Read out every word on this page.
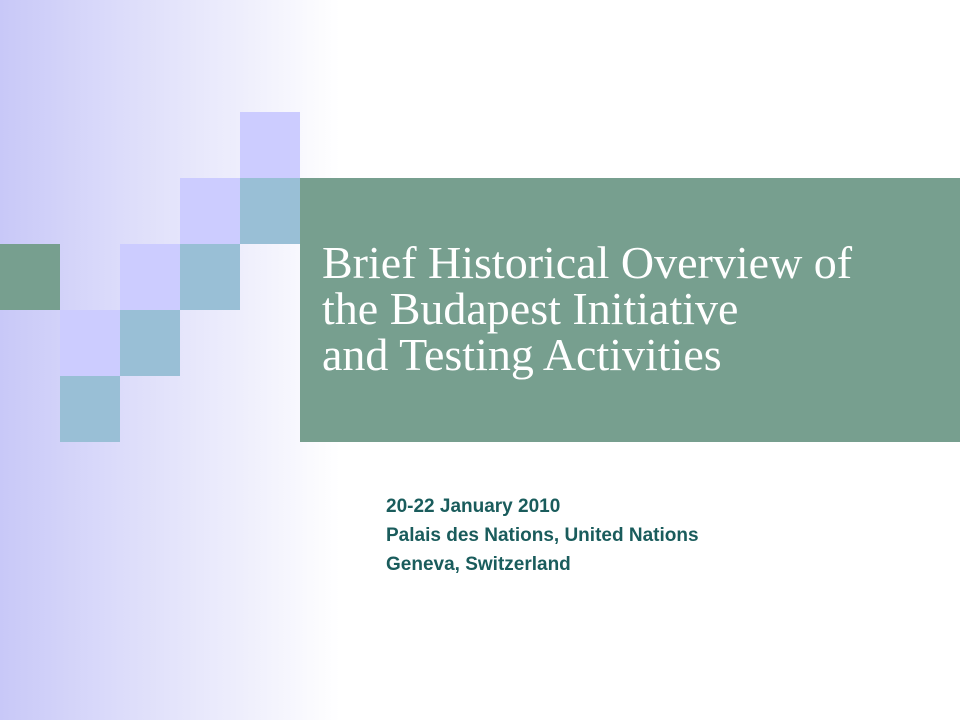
Brief Historical Overview of
the Budapest Initiative
and Testing Activities
20-22 January 2010
Palais des Nations, United Nations
Geneva, Switzerland
